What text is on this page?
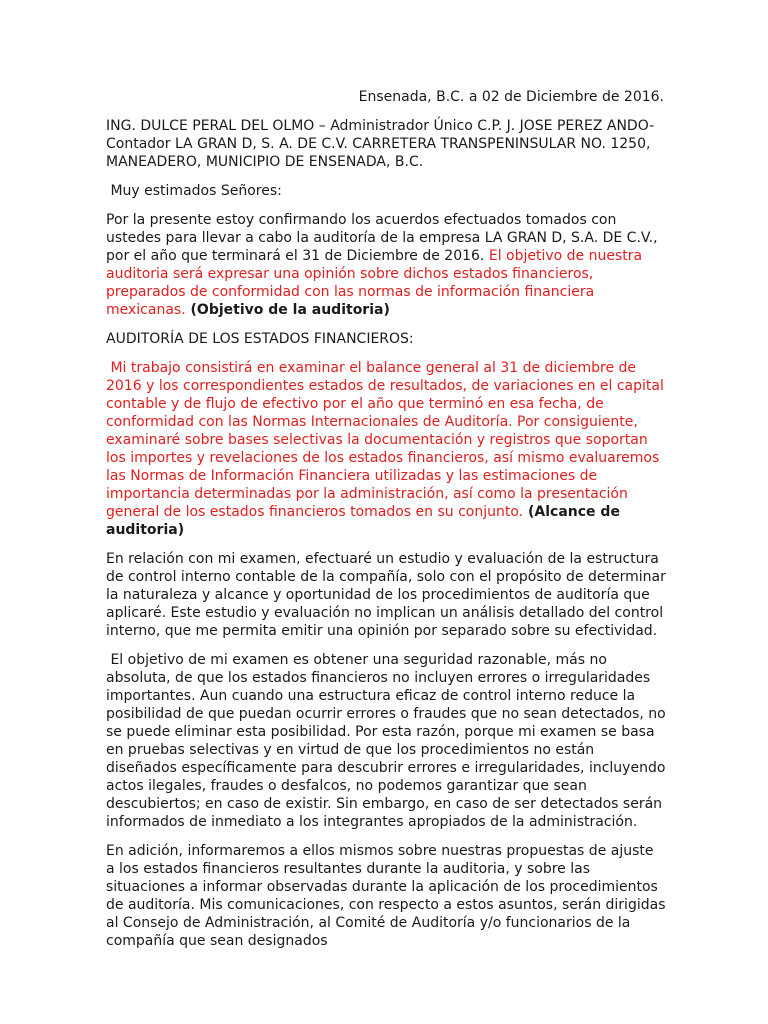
Ensenada, B.C. a 02 de Diciembre de 2016.

ING. DULCE PERAL DEL OLMO – Administrador Único C.P. J. JOSE PEREZ ANDO- Contador LA GRAN D, S. A. DE C.V. CARRETERA TRANSPENINSULAR NO. 1250, MANEADERO, MUNICIPIO DE ENSENADA, B.C.

Muy estimados Señores:

Por la presente estoy confirmando los acuerdos efectuados tomados con ustedes para llevar a cabo la auditoría de la empresa LA GRAN D, S.A. DE C.V., por el año que terminará el 31 de Diciembre de 2016. El objetivo de nuestra auditoria será expresar una opinión sobre dichos estados financieros, preparados de conformidad con las normas de información financiera mexicanas. (Objetivo de la auditoria)

AUDITORÍA DE LOS ESTADOS FINANCIEROS:

Mi trabajo consistirá en examinar el balance general al 31 de diciembre de 2016 y los correspondientes estados de resultados, de variaciones en el capital contable y de flujo de efectivo por el año que terminó en esa fecha, de conformidad con las Normas Internacionales de Auditoría. Por consiguiente, examinaré sobre bases selectivas la documentación y registros que soportan los importes y revelaciones de los estados financieros, así mismo evaluaremos las Normas de Información Financiera utilizadas y las estimaciones de importancia determinadas por la administración, así como la presentación general de los estados financieros tomados en su conjunto. (Alcance de auditoria)

En relación con mi examen, efectuaré un estudio y evaluación de la estructura de control interno contable de la compañía, solo con el propósito de determinar la naturaleza y alcance y oportunidad de los procedimientos de auditoría que aplicaré. Este estudio y evaluación no implican un análisis detallado del control interno, que me permita emitir una opinión por separado sobre su efectividad.

El objetivo de mi examen es obtener una seguridad razonable, más no absoluta, de que los estados financieros no incluyen errores o irregularidades importantes. Aun cuando una estructura eficaz de control interno reduce la posibilidad de que puedan ocurrir errores o fraudes que no sean detectados, no se puede eliminar esta posibilidad. Por esta razón, porque mi examen se basa en pruebas selectivas y en virtud de que los procedimientos no están diseñados específicamente para descubrir errores e irregularidades, incluyendo actos ilegales, fraudes o desfalcos, no podemos garantizar que sean descubiertos; en caso de existir. Sin embargo, en caso de ser detectados serán informados de inmediato a los integrantes apropiados de la administración.

En adición, informaremos a ellos mismos sobre nuestras propuestas de ajuste a los estados financieros resultantes durante la auditoria, y sobre las situaciones a informar observadas durante la aplicación de los procedimientos de auditoría. Mis comunicaciones, con respecto a estos asuntos, serán dirigidas al Consejo de Administración, al Comité de Auditoría y/o funcionarios de la compañía que sean designados
